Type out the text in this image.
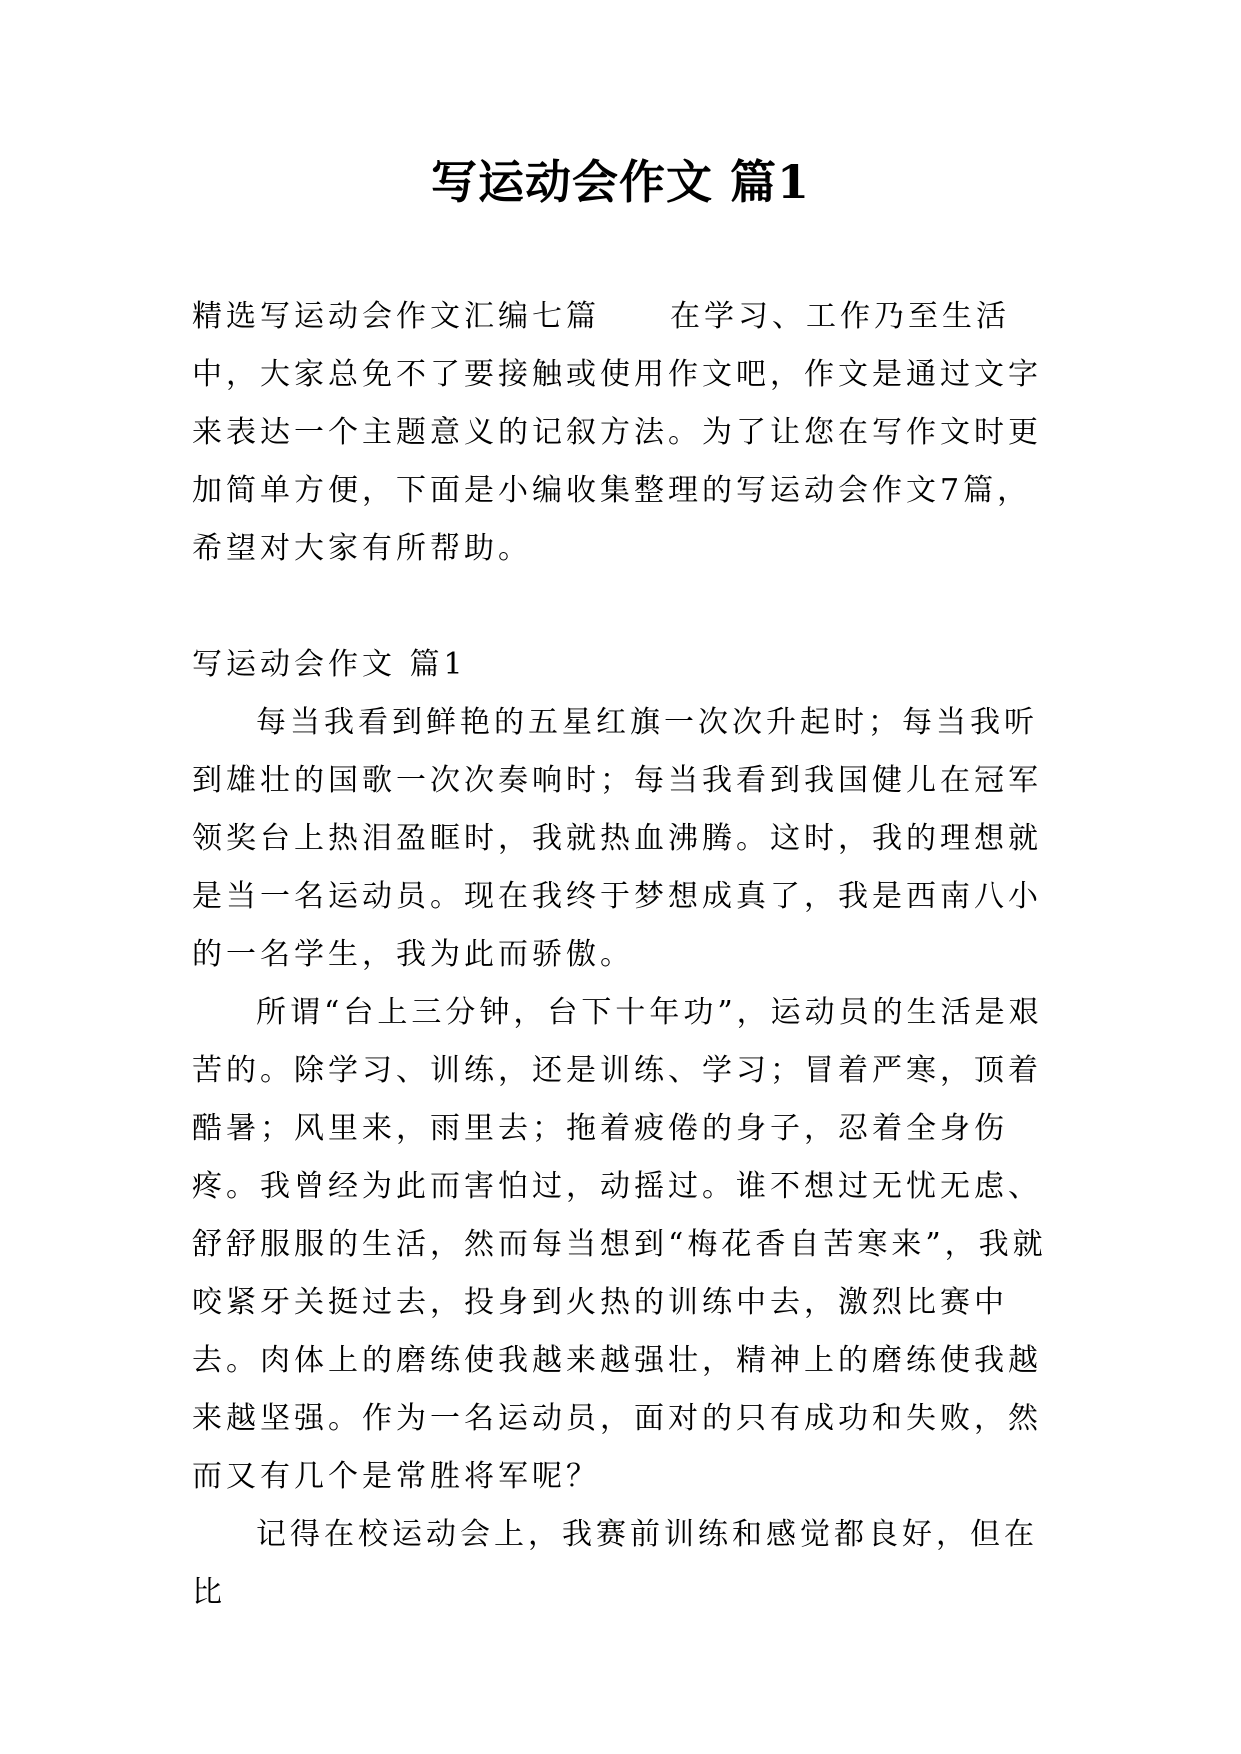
写运动会作文 篇1

精选写运动会作文汇编七篇 在学习、工作乃至生活中，大家总免不了要接触或使用作文吧，作文是通过文字来表达一个主题意义的记叙方法。为了让您在写作文时更加简单方便，下面是小编收集整理的写运动会作文7篇，希望对大家有所帮助。

写运动会作文 篇1

每当我看到鲜艳的五星红旗一次次升起时；每当我听到雄壮的国歌一次次奏响时；每当我看到我国健儿在冠军领奖台上热泪盈眶时，我就热血沸腾。这时，我的理想就是当一名运动员。现在我终于梦想成真了，我是西南八小的一名学生，我为此而骄傲。

所谓“台上三分钟，台下十年功”，运动员的生活是艰苦的。除学习、训练，还是训练、学习；冒着严寒，顶着酷暑；风里来，雨里去；拖着疲倦的身子，忍着全身伤疼。我曾经为此而害怕过，动摇过。谁不想过无忧无虑、舒舒服服的生活，然而每当想到“梅花香自苦寒来”，我就咬紧牙关挺过去，投身到火热的训练中去，激烈比赛中去。肉体上的磨练使我越来越强壮，精神上的磨练使我越来越坚强。作为一名运动员，面对的只有成功和失败，然而又有几个是常胜将军呢？

记得在校运动会上，我赛前训练和感觉都良好，但在比
